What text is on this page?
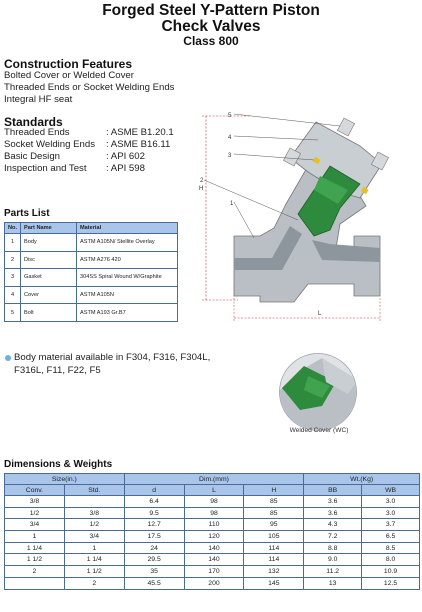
Forged Steel Y-Pattern Piston
Check Valves
Class 800
Construction Features
Bolted Cover or Welded Cover
Threaded Ends or Socket Welding Ends
Integral HF seat
Standards
Threaded Ends	: ASME B1.20.1
Socket Welding Ends : ASME B16.11
Basic Design	: API 602
Inspection and Test : API 598
Parts List
No.	Part Name	Material
1	Body	ASTM A105N/ Stellite Overlay
2	Disc	ASTM A276 420
3	Gasket	304SS Spiral Wound W/Graphite
4	Cover	ASTM A105N
5	Bolt	ASTM A193 Gr.B7
H
L
5
4
3
2
1
Body material available in F304, F316, F304L, F316L, F11, F22, F5
Welded Cover (WC)
Dimensions & Weights
Size(in.)		Dim.(mm)			Wt.(Kg)	
Conv.	Std.	d	L	H	BB	WB
3/8		6.4	98	85	3.6	3.0
1/2	3/8	9.5	98	85	3.6	3.0
3/4	1/2	12.7	110	95	4.3	3.7
1	3/4	17.5	120	105	7.2	6.5
1 1/4	1	24	140	114	8.8	8.5
1 1/2	1 1/4	29.5	140	114	9.0	8.0
2	1 1/2	35	170	132	11.2	10.9
	2	45.5	200	145	13	12.5
